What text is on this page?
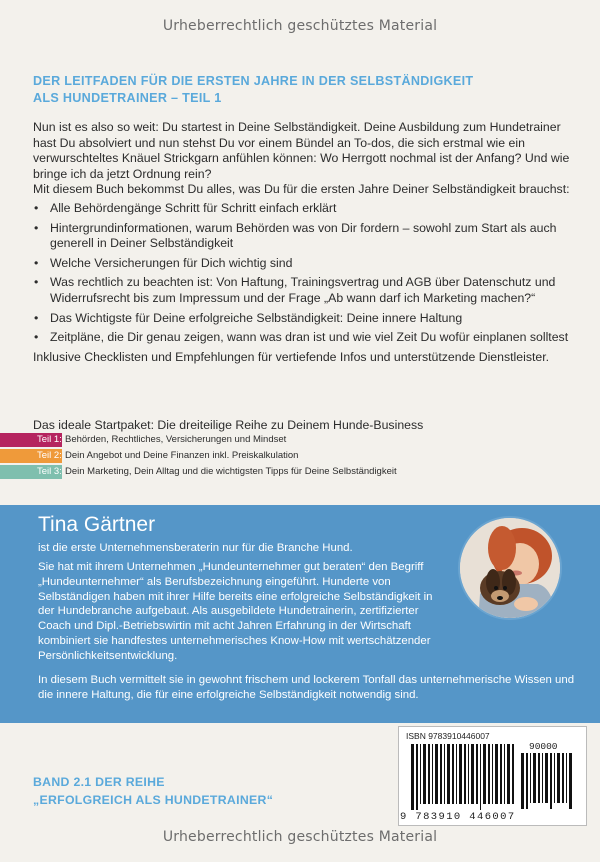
Urheberrechtlich geschütztes Material
DER LEITFADEN FÜR DIE ERSTEN JAHRE IN DER SELBSTÄNDIGKEIT
ALS HUNDETRAINER – TEIL 1

Nun ist es also so weit: Du startest in Deine Selbständigkeit. Deine Ausbildung zum Hundetrainer hast Du absolviert und nun stehst Du vor einem Bündel an To-dos, die sich erstmal wie ein verwurschteltes Knäuel Strickgarn anfühlen können: Wo Herrgott nochmal ist der Anfang? Und wie bringe ich da jetzt Ordnung rein?

Mit diesem Buch bekommst Du alles, was Du für die ersten Jahre Deiner Selbständigkeit brauchst:

• Alle Behördengänge Schritt für Schritt einfach erklärt
• Hintergrundinformationen, warum Behörden was von Dir fordern – sowohl zum Start als auch generell in Deiner Selbständigkeit
• Welche Versicherungen für Dich wichtig sind
• Was rechtlich zu beachten ist: Von Haftung, Trainingsvertrag und AGB über Datenschutz und Widerrufsrecht bis zum Impressum und der Frage „Ab wann darf ich Marketing machen?“
• Das Wichtigste für Deine erfolgreiche Selbständigkeit: Deine innere Haltung
• Zeitpläne, die Dir genau zeigen, wann was dran ist und wie viel Zeit Du wofür einplanen solltest

Inklusive Checklisten und Empfehlungen für vertiefende Infos und unterstützende Dienstleister.

Das ideale Startpaket: Die dreiteilige Reihe zu Deinem Hunde-Business
Teil 1: Behörden, Rechtliches, Versicherungen und Mindset
Teil 2: Dein Angebot und Deine Finanzen inkl. Preiskalkulation
Teil 3: Dein Marketing, Dein Alltag und die wichtigsten Tipps für Deine Selbständigkeit
Tina Gärtner
ist die erste Unternehmensberaterin nur für die Branche Hund.
Sie hat mit ihrem Unternehmen „Hundeunternehmer gut beraten“ den Begriff „Hundeunternehmer“ als Berufsbezeichnung eingeführt. Hunderte von Selbständigen haben mit ihrer Hilfe bereits eine erfolgreiche Selbständigkeit in der Hundebranche aufgebaut. Als ausgebildete Hundetrainerin, zertifizierter Coach und Dipl.-Betriebswirtin mit acht Jahren Erfahrung in der Wirtschaft kombiniert sie handfestes unternehmerisches Know-How mit wertschätzender Persönlichkeitsentwicklung.
In diesem Buch vermittelt sie in gewohnt frischem und lockerem Tonfall das unternehmerische Wissen und die innere Haltung, die für eine erfolgreiche Selbständigkeit notwendig sind.
ISBN 9783910446007
90000
9 783910 446007
BAND 2.1 DER REIHE
„ERFOLGREICH ALS HUNDETRAINER“
Urheberrechtlich geschütztes Material
